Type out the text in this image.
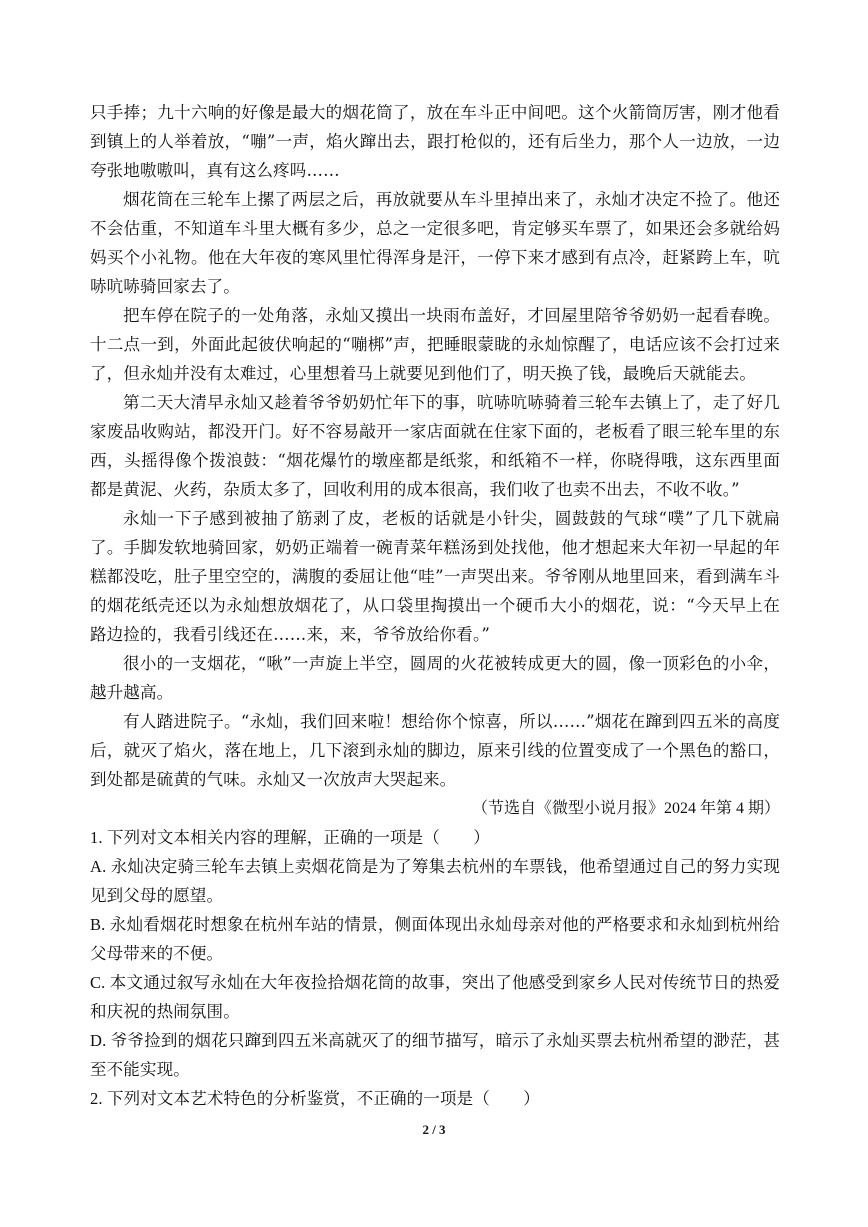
只手捧；九十六响的好像是最大的烟花筒了，放在车斗正中间吧。这个火箭筒厉害，刚才他看到镇上的人举着放，“嘣”一声，焰火蹿出去，跟打枪似的，还有后坐力，那个人一边放，一边夸张地嗷嗷叫，真有这么疼吗……

烟花筒在三轮车上摞了两层之后，再放就要从车斗里掉出来了，永灿才决定不捡了。他还不会估重，不知道车斗里大概有多少，总之一定很多吧，肯定够买车票了，如果还会多就给妈妈买个小礼物。他在大年夜的寒风里忙得浑身是汗，一停下来才感到有点冷，赶紧跨上车，吭哧吭哧骑回家去了。

把车停在院子的一处角落，永灿又摸出一块雨布盖好，才回屋里陪爷爷奶奶一起看春晚。十二点一到，外面此起彼伏响起的“嘣梆”声，把睡眼蒙眬的永灿惊醒了，电话应该不会打过来了，但永灿并没有太难过，心里想着马上就要见到他们了，明天换了钱，最晚后天就能去。

第二天大清早永灿又趁着爷爷奶奶忙年下的事，吭哧吭哧骑着三轮车去镇上了，走了好几家废品收购站，都没开门。好不容易敲开一家店面就在住家下面的，老板看了眼三轮车里的东西，头摇得像个拨浪鼓：“烟花爆竹的墩座都是纸浆，和纸箱不一样，你晓得哦，这东西里面都是黄泥、火药，杂质太多了，回收利用的成本很高，我们收了也卖不出去，不收不收。”

永灿一下子感到被抽了筋剥了皮，老板的话就是小针尖，圆鼓鼓的气球“噗”了几下就扁了。手脚发软地骑回家，奶奶正端着一碗青菜年糕汤到处找他，他才想起来大年初一早起的年糕都没吃，肚子里空空的，满腹的委屈让他“哇”一声哭出来。爷爷刚从地里回来，看到满车斗的烟花纸壳还以为永灿想放烟花了，从口袋里掏摸出一个硬币大小的烟花，说：“今天早上在路边捡的，我看引线还在……来，来，爷爷放给你看。”

很小的一支烟花，“啾”一声旋上半空，圆周的火花被转成更大的圆，像一顶彩色的小伞，越升越高。

有人踏进院子。“永灿，我们回来啦！想给你个惊喜，所以……”烟花在蹿到四五米的高度后，就灭了焰火，落在地上，几下滚到永灿的脚边，原来引线的位置变成了一个黑色的豁口，到处都是硫黄的气味。永灿又一次放声大哭起来。

（节选自《微型小说月报》2024 年第 4 期）

1. 下列对文本相关内容的理解，正确的一项是（　　）

A. 永灿决定骑三轮车去镇上卖烟花筒是为了筹集去杭州的车票钱，他希望通过自己的努力实现见到父母的愿望。

B. 永灿看烟花时想象在杭州车站的情景，侧面体现出永灿母亲对他的严格要求和永灿到杭州给父母带来的不便。

C. 本文通过叙写永灿在大年夜捡拾烟花筒的故事，突出了他感受到家乡人民对传统节日的热爱和庆祝的热闹氛围。

D. 爷爷捡到的烟花只蹿到四五米高就灭了的细节描写，暗示了永灿买票去杭州希望的渺茫，甚至不能实现。

2. 下列对文本艺术特色的分析鉴赏，不正确的一项是（　　）

2 / 3
